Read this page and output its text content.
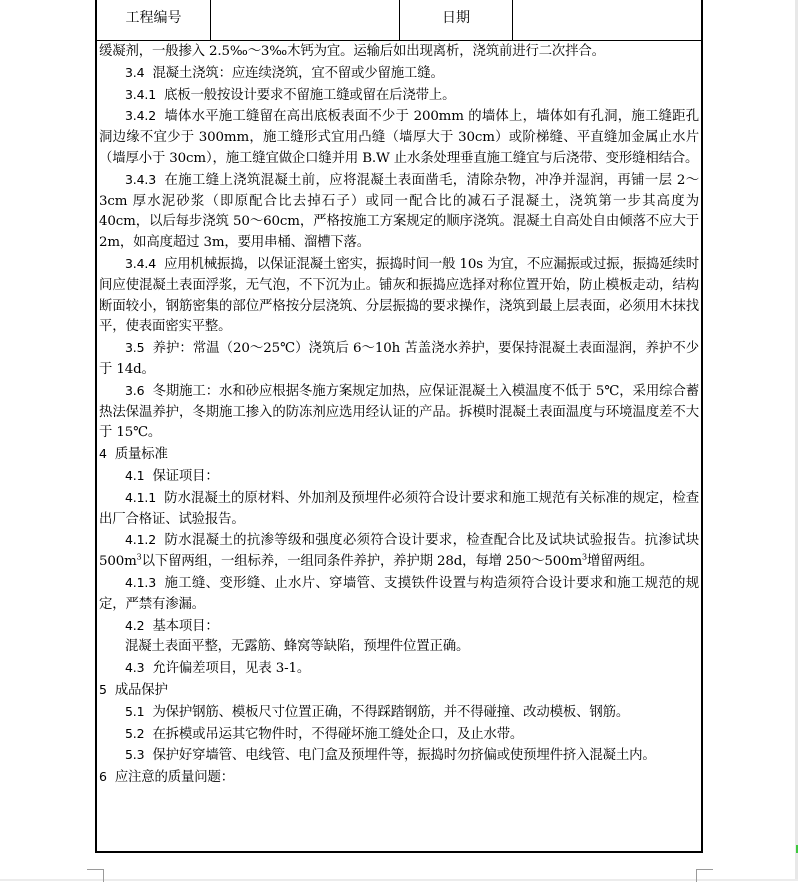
工程编号	日期

缓凝剂，一般掺入 2.5‰～3‰木钙为宜。运输后如出现离析，浇筑前进行二次拌合。

3.4 混凝土浇筑：应连续浇筑，宜不留或少留施工缝。

3.4.1 底板一般按设计要求不留施工缝或留在后浇带上。

3.4.2 墙体水平施工缝留在高出底板表面不少于 200mm 的墙体上，墙体如有孔洞，施工缝距孔洞边缘不宜少于 300mm，施工缝形式宜用凸缝（墙厚大于 30cm）或阶梯缝、平直缝加金属止水片（墙厚小于 30cm），施工缝宜做企口缝并用 B.W 止水条处理垂直施工缝宜与后浇带、变形缝相结合。

3.4.3 在施工缝上浇筑混凝土前，应将混凝土表面凿毛，清除杂物，冲净并湿润，再铺一层 2～3cm 厚水泥砂浆（即原配合比去掉石子）或同一配合比的减石子混凝土，浇筑第一步其高度为 40cm，以后每步浇筑 50～60cm，严格按施工方案规定的顺序浇筑。混凝土自高处自由倾落不应大于 2m，如高度超过 3m，要用串桶、溜槽下落。

3.4.4 应用机械振捣，以保证混凝土密实，振捣时间一般 10s 为宜，不应漏振或过振，振捣延续时间应使混凝土表面浮浆，无气泡，不下沉为止。铺灰和振捣应选择对称位置开始，防止模板走动，结构断面较小，钢筋密集的部位严格按分层浇筑、分层振捣的要求操作，浇筑到最上层表面，必须用木抹找平，使表面密实平整。

3.5 养护：常温（20～25℃）浇筑后 6～10h 苫盖浇水养护，要保持混凝土表面湿润，养护不少于 14d。

3.6 冬期施工：水和砂应根据冬施方案规定加热，应保证混凝土入模温度不低于 5℃，采用综合蓄热法保温养护，冬期施工掺入的防冻剂应选用经认证的产品。拆模时混凝土表面温度与环境温度差不大于 15℃。

4 质量标准

4.1 保证项目：

4.1.1 防水混凝土的原材料、外加剂及预埋件必须符合设计要求和施工规范有关标准的规定，检查出厂合格证、试验报告。

4.1.2 防水混凝土的抗渗等级和强度必须符合设计要求，检查配合比及试块试验报告。抗渗试块 $500m^3$以下留两组，一组标养，一组同条件养护，养护期 28d，每增 $250\sim 500m^3$增留两组。

4.1.3 施工缝、变形缝、止水片、穿墙管、支摸铁件设置与构造须符合设计要求和施工规范的规定，严禁有渗漏。

4.2 基本项目：

混凝土表面平整，无露筋、蜂窝等缺陷，预埋件位置正确。

4.3 允许偏差项目，见表 3-1。

5 成品保护

5.1 为保护钢筋、模板尺寸位置正确，不得踩踏钢筋，并不得碰撞、改动模板、钢筋。

5.2 在拆模或吊运其它物件时，不得碰坏施工缝处企口，及止水带。

5.3 保护好穿墙管、电线管、电门盒及预埋件等，振捣时勿挤偏或使预埋件挤入混凝土内。

6 应注意的质量问题：
